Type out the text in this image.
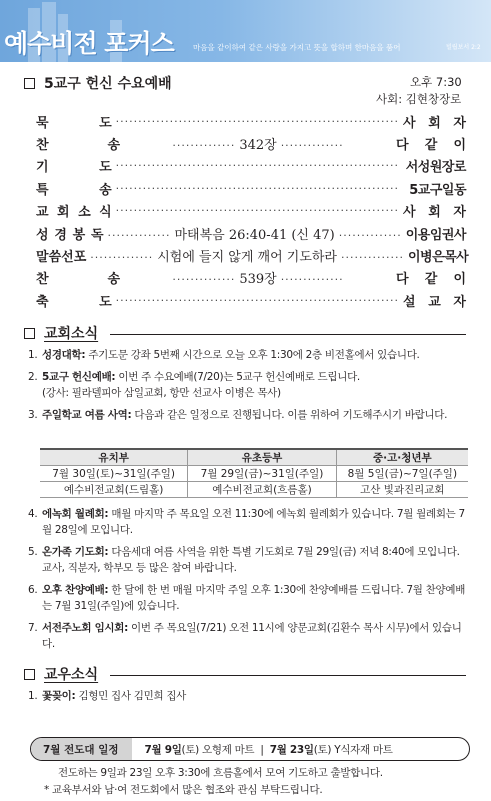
예수비전 포커스	마음을 같이하여 같은 사랑을 가지고 뜻을 합하며 한마음을 품어	빌립보서 2:2
5교구 헌신 수요예배	오후 7:30
사회: 김현창장로
묵	도 ······························································· 사 회 자
찬	송	·············· 342장 ··············	다 같 이
기	도 ······························································· 서성원장로
특	송 ······························································· 5교구일동
교 회 소 식 ······························································· 사 회 자
성 경 봉 독 ·············· 마태복음 26:40-41 (신 47) ·············· 이용임권사
말 씀 선 포 ·············· 시험에 들지 않게 깨어 기도하라 ·············· 이병은목사
찬	송	·············· 539장 ··············	다 같 이
축	도 ······························································· 설 교 자
교회소식
1. 성경대학: 주기도문 강좌 5번째 시간으로 오늘 오후 1:30에 2층 비전홀에서 있습니다.
2. 5교구 헌신예배: 이번 주 수요예배(7/20)는 5교구 헌신예배로 드립니다.
(강사: 필라델피아 삼일교회, 항만 선교사 이병은 목사)
3. 주일학교 여름 사역: 다음과 같은 일정으로 진행됩니다. 이를 위하여 기도해주시기 바랍니다.
유치부	유초등부	중·고·청년부
7월 30일(토)~31일(주일)	7월 29일(금)~31일(주일)	8월 5일(금)~7일(주일)
예수비전교회(드림홀)	예수비전교회(흐름홀)	고산 빛과진리교회
4. 에녹회 월례회: 매월 마지막 주 목요일 오전 11:30에 에녹회 월례회가 있습니다. 7월 월례회는 7월 28일에 모입니다.
5. 온가족 기도회: 다음세대 여름 사역을 위한 특별 기도회로 7월 29일(금) 저녁 8:40에 모입니다. 교사, 직분자, 학부모 등 많은 참여 바랍니다.
6. 오후 찬양예배: 한 달에 한 번 매월 마지막 주일 오후 1:30에 찬양예배를 드립니다. 7월 찬양예배는 7월 31일(주일)에 있습니다.
7. 서전주노회 임시회: 이번 주 목요일(7/21) 오전 11시에 양문교회(김환수 목사 시무)에서 있습니다.
교우소식
1. 꽃꽂이: 김형민 집사 김민희 집사
7월 전도대 일정	7월 9일(토) 오형제 마트 | 7월 23일(토) Y식자재 마트
전도하는 9일과 23일 오후 3:30에 흐름홀에서 모여 기도하고 출발합니다.
* 교육부서와 남·여 전도회에서 많은 협조와 관심 부탁드립니다.
